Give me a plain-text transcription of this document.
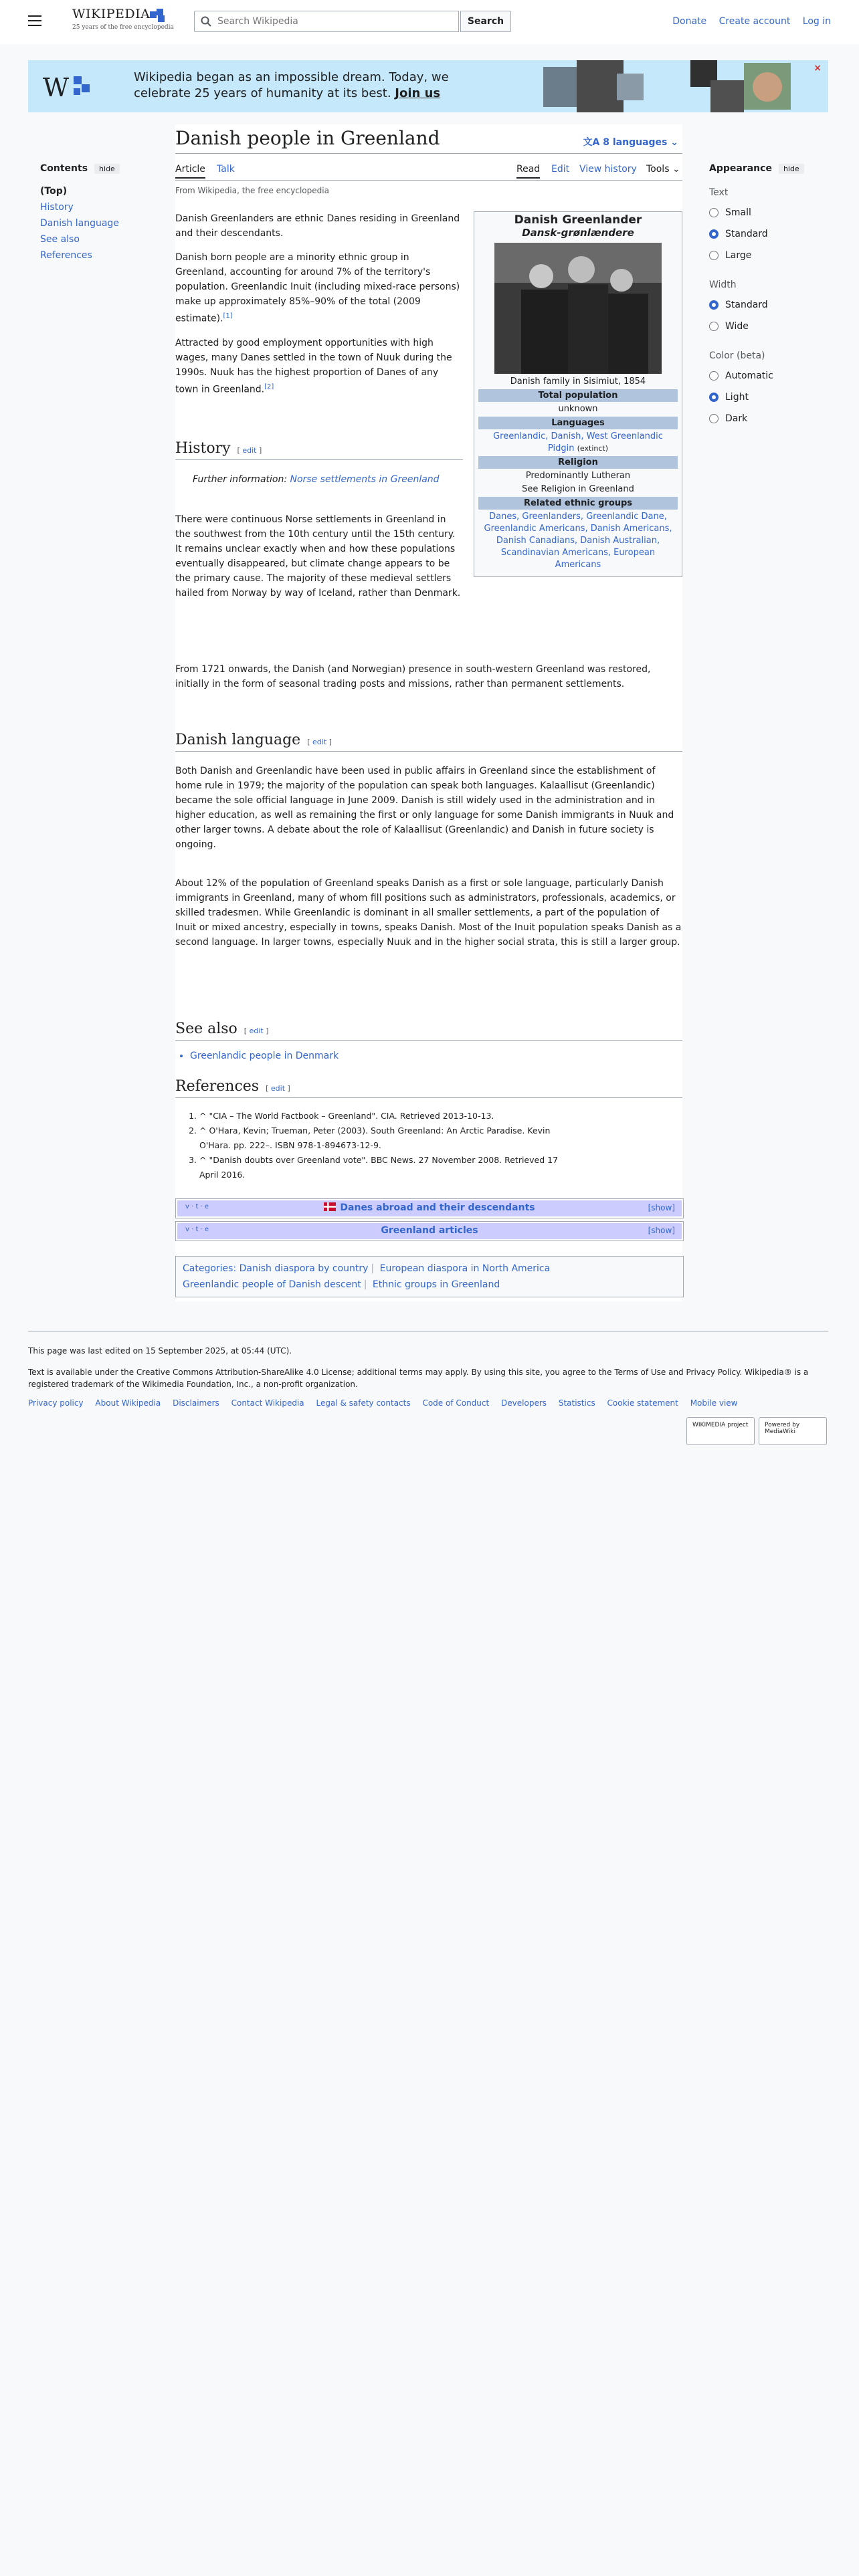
WIKIPEDIA
25 years of the free encyclopedia
Search Wikipedia
Search	Donate Create account Log in
W	Wikipedia began as an impossible dream. Today, we celebrate 25 years of humanity at its best. Join us
×
Contents hide
(Top)
History
Danish language
See also
References
Danish people in Greenland	文A 8 languages ⌄
Article Talk	Read Edit View history Tools ⌄
From Wikipedia, the free encyclopedia
Danish Greenlander
Dansk-grønlændere
Danish family in Sisimiut, 1854
Total population
unknown
Languages
Greenlandic, Danish, West Greenlandic Pidgin (extinct)
Religion
Predominantly Lutheran
See Religion in Greenland
Related ethnic groups
Danes, Greenlanders, Greenlandic Dane, Greenlandic Americans, Danish Americans, Danish Canadians, Danish Australian, Scandinavian Americans, European Americans

Danish Greenlanders are ethnic Danes residing in Greenland and their descendants.

Danish born people are a minority ethnic group in Greenland, accounting for around 7% of the territory's population. Greenlandic Inuit (including mixed-race persons) make up approximately 85%–90% of the total (2009 estimate).[1]

Attracted by good employment opportunities with high wages, many Danes settled in the town of Nuuk during the 1990s. Nuuk has the highest proportion of Danes of any town in Greenland.[2]

History [ edit ]
Further information: Norse settlements in Greenland

There were continuous Norse settlements in Greenland in the southwest from the 10th century until the 15th century. It remains unclear exactly when and how these populations eventually disappeared, but climate change appears to be the primary cause. The majority of these medieval settlers hailed from Norway by way of Iceland, rather than Denmark.

From 1721 onwards, the Danish (and Norwegian) presence in south-western Greenland was restored, initially in the form of seasonal trading posts and missions, rather than permanent settlements.

Danish language [ edit ]

Both Danish and Greenlandic have been used in public affairs in Greenland since the establishment of home rule in 1979; the majority of the population can speak both languages. Kalaallisut (Greenlandic) became the sole official language in June 2009. Danish is still widely used in the administration and in higher education, as well as remaining the first or only language for some Danish immigrants in Nuuk and other larger towns. A debate about the role of Kalaallisut (Greenlandic) and Danish in future society is ongoing.

About 12% of the population of Greenland speaks Danish as a first or sole language, particularly Danish immigrants in Greenland, many of whom fill positions such as administrators, professionals, academics, or skilled tradesmen. While Greenlandic is dominant in all smaller settlements, a part of the population of Inuit or mixed ancestry, especially in towns, speaks Danish. Most of the Inuit population speaks Danish as a second language. In larger towns, especially Nuuk and in the higher social strata, this is still a larger group.

See also [ edit ]
• Greenlandic people in Denmark
References [ edit ]
1. ^ "CIA – The World Factbook – Greenland". CIA. Retrieved 2013-10-13.
2. ^ O'Hara, Kevin; Trueman, Peter (2003). South Greenland: An Arctic Paradise. Kevin O'Hara. pp. 222–. ISBN 978-1-894673-12-9.
3. ^ "Danish doubts over Greenland vote". BBC News. 27 November 2008. Retrieved 17 April 2016.
v · t · e	Danes abroad and their descendants	[show]
v · t · e	Greenland articles	[show]
Categories: Danish diaspora by country | European diaspora in North America
Greenlandic people of Danish descent | Ethnic groups in Greenland
Appearance hide
Text
Small
Standard
Large
Width
Standard
Wide
Color (beta)
Automatic
Light
Dark

This page was last edited on 15 September 2025, at 05:44 (UTC).

Text is available under the Creative Commons Attribution-ShareAlike 4.0 License; additional terms may apply. By using this site, you agree to the Terms of Use and Privacy Policy. Wikipedia® is a registered trademark of the Wikimedia Foundation, Inc., a non-profit organization.

Privacy policy About Wikipedia Disclaimers Contact Wikipedia Legal & safety contacts Code of Conduct Developers Statistics Cookie statement Mobile view
WIKIMEDIA project	Powered by MediaWiki
